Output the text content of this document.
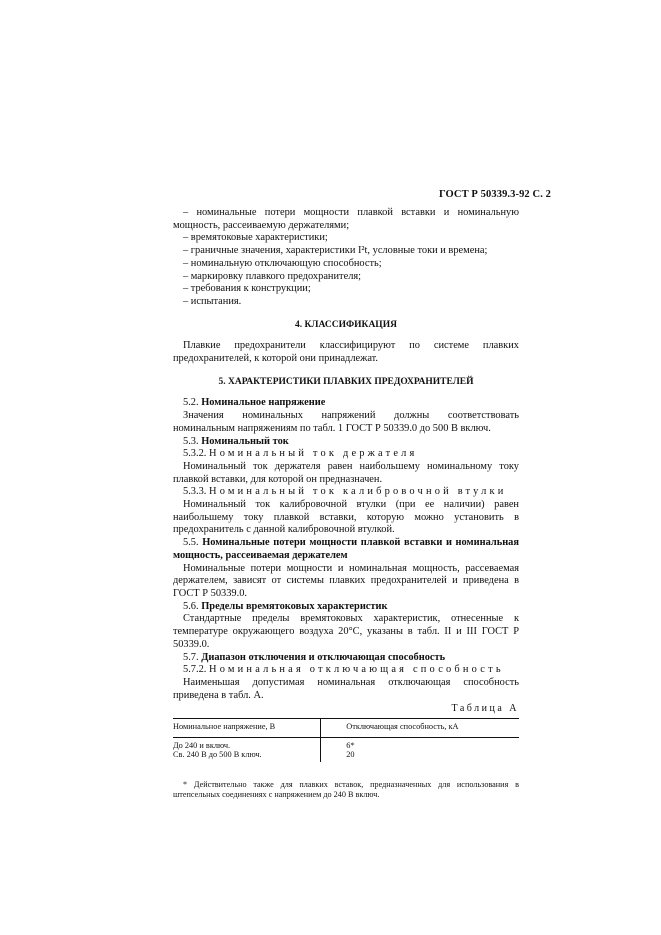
ГОСТ Р 50339.3-92 С. 2

– номинальные потери мощности плавкой вставки и номинальную мощность, рассеиваемую держателями;

– времятоковые характеристики;

– граничные значения, характеристики I²t, условные токи и времена;

– номинальную отключающую способность;

– маркировку плавкого предохранителя;

– требования к конструкции;

– испытания.

4. КЛАССИФИКАЦИЯ

Плавкие предохранители классифицируют по системе плавких предохранителей, к которой они принадлежат.

5. ХАРАКТЕРИСТИКИ ПЛАВКИХ ПРЕДОХРАНИТЕЛЕЙ

5.2. Номинальное напряжение

Значения номинальных напряжений должны соответствовать номинальным напряжениям по табл. 1 ГОСТ Р 50339.0 до 500 В включ.

5.3. Номинальный ток

5.3.2. Номинальный ток держателя

Номинальный ток держателя равен наибольшему номинальному току плавкой вставки, для которой он предназначен.

5.3.3. Номинальный ток калибровочной втулки

Номинальный ток калибровочной втулки (при ее наличии) равен наибольшему току плавкой вставки, которую можно установить в предохранитель с данной калибровочной втулкой.

5.5. Номинальные потери мощности плавкой вставки и номинальная мощность, рассеиваемая держателем

Номинальные потери мощности и номинальная мощность, рассеваемая держателем, зависят от системы плавких предохранителей и приведена в ГОСТ Р 50339.0.

5.6. Пределы времятоковых характеристик

Стандартные пределы времятоковых характеристик, отнесенные к температуре окружающего воздуха 20°С, указаны в табл. II и III ГОСТ Р 50339.0.

5.7. Диапазон отключения и отключающая способность

5.7.2. Номинальная отключающая способность

Наименьшая допустимая номинальная отключающая способность приведена в табл. А.

Таблица А
Номинальное напряжение, В	Отключающая способность, кА
До 240 и включ.	6*
Св. 240 В до 500 В ключ.	20

* Действительно также для плавких вставок, предназначенных для использования в штепсельных соединениях с напряжением до 240 В включ.
